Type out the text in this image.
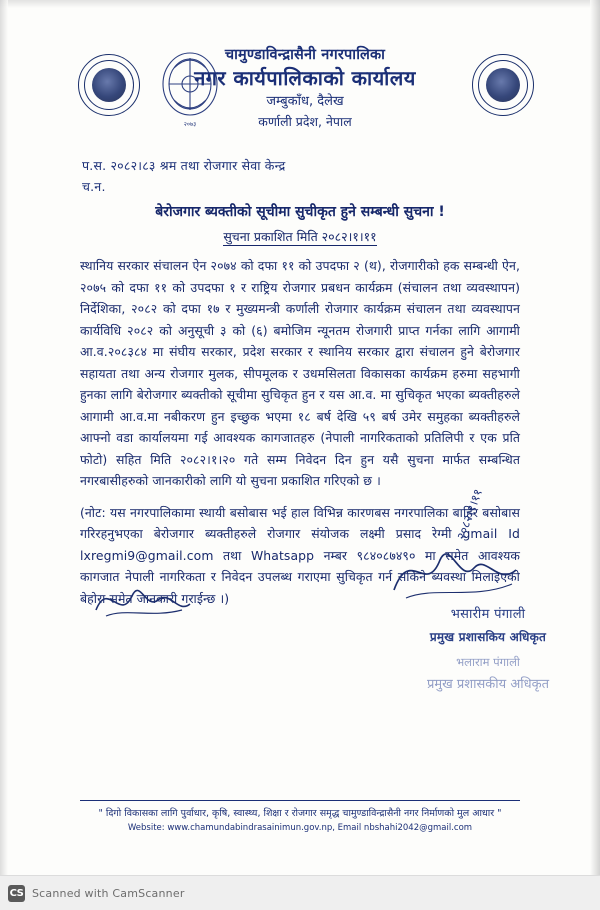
२०७३
चामुण्डाविन्द्रासैनी नगरपालिका
नगर कार्यपालिकाको कार्यालय
जम्बुकाँध, दैलेख
कर्णाली प्रदेश, नेपाल
प.स. २०८२।८३ श्रम तथा रोजगार सेवा केन्द्र
च.न.
बेरोजगार ब्यक्तीको सूचीमा सुचीकृत हुने सम्बन्धी सुचना !
सुचना प्रकाशित मिति २०८२।१।११

स्थानिय सरकार संचालन ऐन २०७४ को दफा ११ को उपदफा २ (थ), रोजगारीको हक सम्बन्धी ऐन, २०७५ को दफा ११ को उपदफा १ र राष्ट्रिय रोजगार प्रबधन कार्यक्रम (संचालन तथा व्यवस्थापन) निर्देशिका, २०८२ को दफा १७ र मुख्यमन्त्री कर्णाली रोजगार कार्यक्रम संचालन तथा व्यवस्थापन कार्यविधि २०८२ को अनुसूची ३ को (६) बमोजिम न्यूनतम रोजगारी प्राप्त गर्नका लागि आगामी आ.व.२०८३८४ मा संघीय सरकार, प्रदेश सरकार र स्थानिय सरकार द्वारा संचालन हुने बेरोजगार सहायता तथा अन्य रोजगार मुलक, सीपमूलक र उधमसिलता विकासका कार्यक्रम हरुमा सहभागी हुनका लागि बेरोजगार ब्यक्तीको सूचीमा सुचिकृत हुन र यस आ.व. मा सुचिकृत भएका ब्यक्तीहरुले आगामी आ.व.मा नबीकरण हुन इच्छुक भएमा १८ बर्ष देखि ५९ बर्ष उमेर समुहका ब्यक्तीहरुले आफ्नो वडा कार्यालयमा गई आवश्यक कागजातहरु (नेपाली नागरिकताको प्रतिलिपी र एक प्रति फोटो) सहित मिति २०८२।१।२० गते सम्म निवेदन दिन हुन यसै सुचना मार्फत सम्बन्धित नगरबासीहरुको जानकारीको लागि यो सुचना प्रकाशित गरिएको छ ।

(नोट: यस नगरपालिकामा स्थायी बसोबास भई हाल विभिन्न कारणबस नगरपालिका बाहिर बसोबास गरिरहनुभएका बेरोजगार ब्यक्तीहरुले रोजगार संयोजक लक्ष्मी प्रसाद रेग्मी gmail Id lxregmi9@gmail.com तथा Whatsapp नम्बर ९८४०८७४९० मा समेत आवश्यक कागजात नेपाली नागरिकता र निवेदन उपलब्ध गराएमा सुचिकृत गर्न सकिने ब्यवस्था मिलाइएको बेहोरा समेत जानकारी गराईन्छ ।)

२०८२।१।११
भसारीम पंगाली
प्रमुख प्रशासकिय अधिकृत
भलाराम पंगाली
प्रमुख प्रशासकीय अधिकृत
" दिगो विकासका लागि पुर्वाधार, कृषि, स्वास्थ्य, शिक्षा र रोजगार समृद्ध चामुण्डाविन्द्रासैनी नगर निर्माणको मुल आधार "
Website: www.chamundabindrasainimun.gov.np, Email nbshahi2042@gmail.com
CS Scanned with CamScanner
